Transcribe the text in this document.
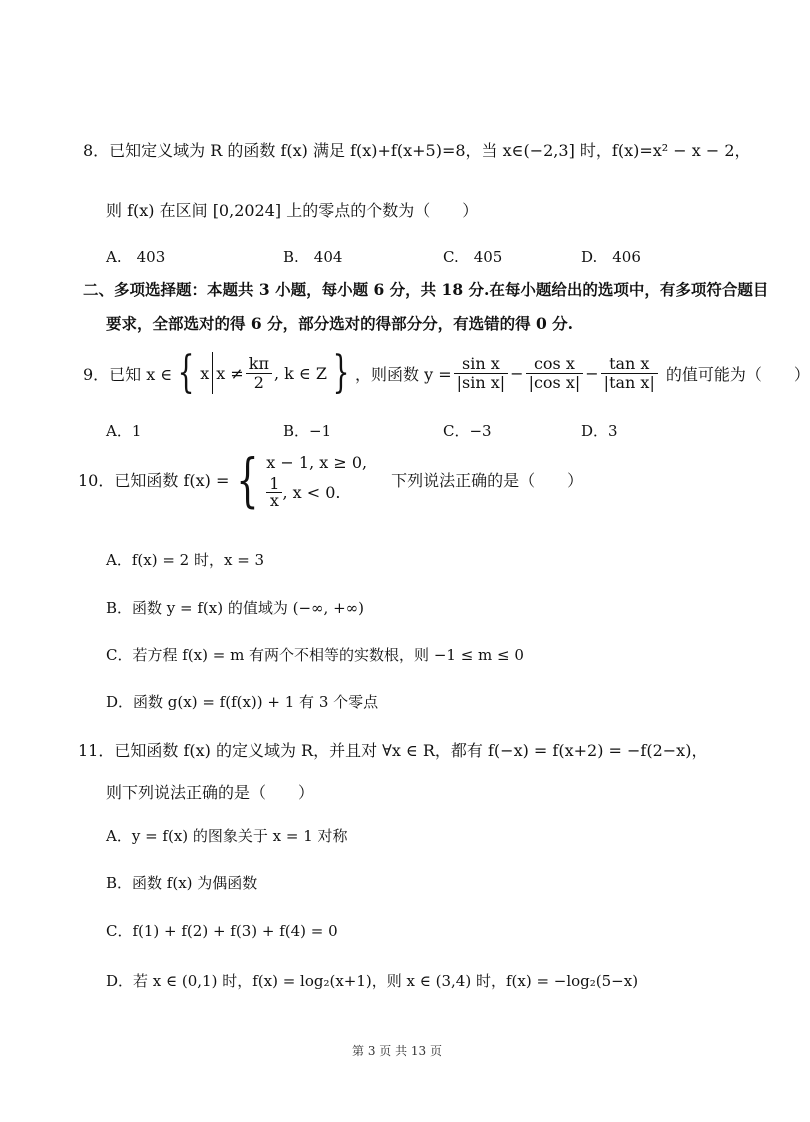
8．已知定义域为 R 的函数 f(x) 满足 f(x)+f(x+5)=8，当 x∈(−2,3] 时，f(x)=x² − x − 2，
则 f(x) 在区间 [0,2024] 上的零点的个数为（　　）
A.　403	B.　404	C.　405	D.　406
二、多项选择题：本题共 3 小题，每小题 6 分，共 18 分.在每小题给出的选项中，有多项符合题目
要求，全部选对的得 6 分，部分选对的得部分分，有选错的得 0 分.
9．已知 x ∈ { x $x \ne \frac{k\pi}{2}$ , k ∈ Z } ，则函数 $y = \frac{\text{sin x}}{\text{|sin x|}} - \frac{\text{cos x}}{\text{|cos x|}} - \frac{\text{tan x}}{\text{|tan x|}}$ 的值可能为（　　）
A．1	B．−1	C．−3	D．3
10．已知函数 f(x) = { x − 1, x ≥ 0,
$\frac{1}{x}$ , x < 0.
下列说法正确的是（　　）
A．f(x) = 2 时，x = 3
B．函数 y = f(x) 的值域为 (−∞, +∞)
C．若方程 f(x) = m 有两个不相等的实数根，则 −1 ≤ m ≤ 0
D．函数 g(x) = f(f(x)) + 1 有 3 个零点
11．已知函数 f(x) 的定义域为 R，并且对 ∀x ∈ R，都有 f(−x) = f(x+2) = −f(2−x)，
则下列说法正确的是（　　）
A．y = f(x) 的图象关于 x = 1 对称
B．函数 f(x) 为偶函数
C．f(1) + f(2) + f(3) + f(4) = 0
D．若 x ∈ (0,1) 时，f(x) = log₂(x+1)，则 x ∈ (3,4) 时，f(x) = −log₂(5−x)
第 3 页 共 13 页
